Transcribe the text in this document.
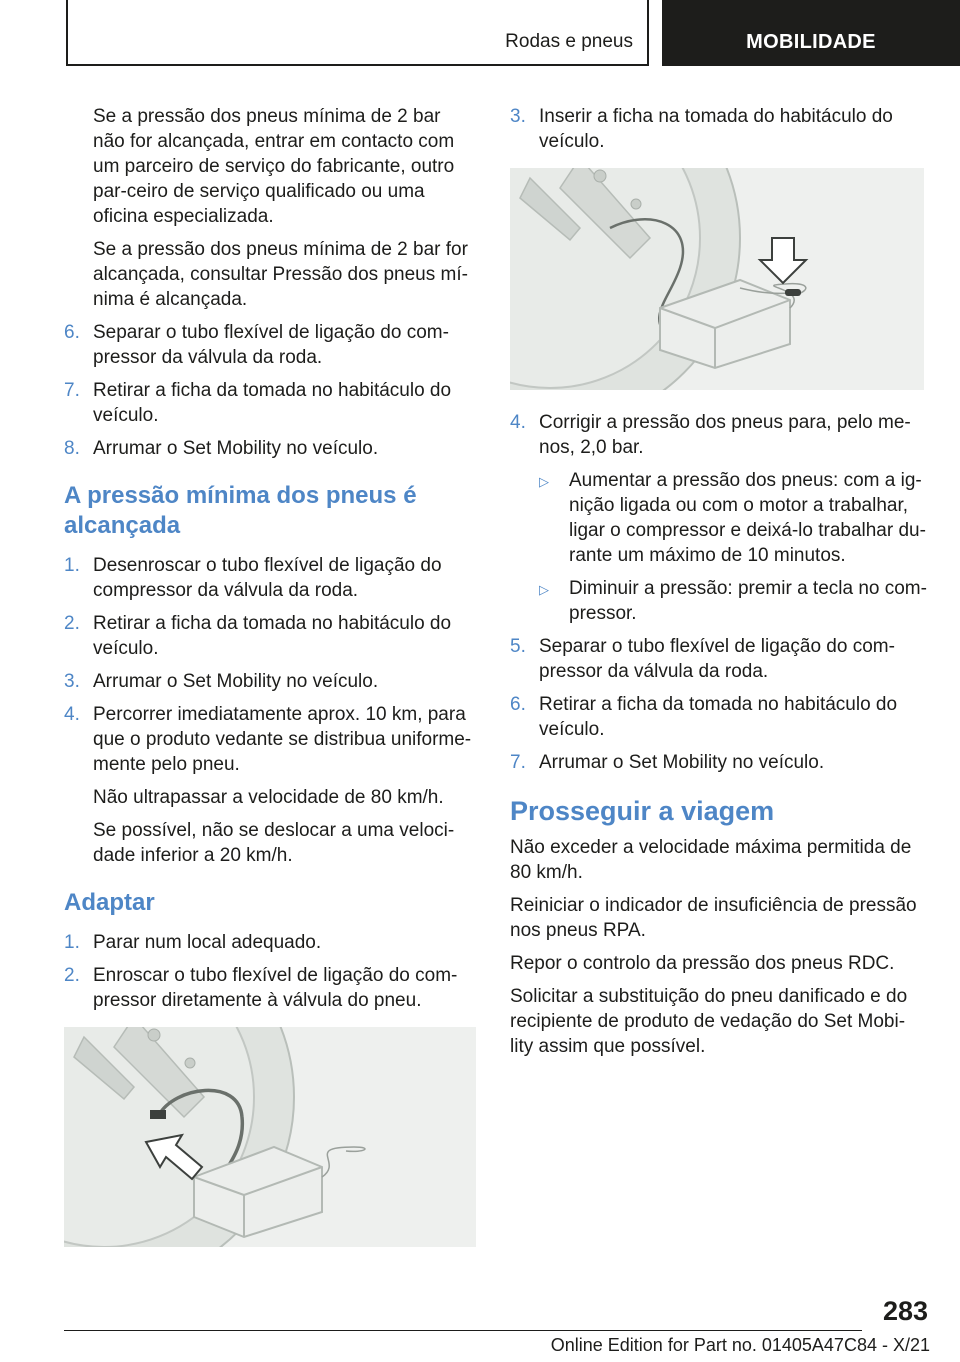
Rodas e pneus	MOBILIDADE
Se a pressão dos pneus mínima de 2 bar não for alcançada, entrar em contacto com um parceiro de serviço do fabricante, outro par-ceiro de serviço qualificado ou uma oficina especializada.
Se a pressão dos pneus mínima de 2 bar for alcançada, consultar Pressão dos pneus mí-nima é alcançada.
6. Separar o tubo flexível de ligação do com-pressor da válvula da roda.
7. Retirar a ficha da tomada no habitáculo do veículo.
8. Arrumar o Set Mobility no veículo.
A pressão mínima dos pneus é alcançada
1. Desenroscar o tubo flexível de ligação do compressor da válvula da roda.
2. Retirar a ficha da tomada no habitáculo do veículo.
3. Arrumar o Set Mobility no veículo.
4. Percorrer imediatamente aprox. 10 km, para que o produto vedante se distribua uniforme-mente pelo pneu.
Não ultrapassar a velocidade de 80 km/h.
Se possível, não se deslocar a uma veloci-dade inferior a 20 km/h.
Adaptar
1. Parar num local adequado.
2. Enroscar o tubo flexível de ligação do com-pressor diretamente à válvula do pneu.
3. Inserir a ficha na tomada do habitáculo do veículo.
4. Corrigir a pressão dos pneus para, pelo me-nos, 2,0 bar.
▷	Aumentar a pressão dos pneus: com a ig-nição ligada ou com o motor a trabalhar, ligar o compressor e deixá-lo trabalhar du-rante um máximo de 10 minutos.
▷	Diminuir a pressão: premir a tecla no com-pressor.
5. Separar o tubo flexível de ligação do com-pressor da válvula da roda.
6. Retirar a ficha da tomada no habitáculo do veículo.
7. Arrumar o Set Mobility no veículo.
Prosseguir a viagem
Não exceder a velocidade máxima permitida de 80 km/h.
Reiniciar o indicador de insuficiência de pressão nos pneus RPA.
Repor o controlo da pressão dos pneus RDC.
Solicitar a substituição do pneu danificado e do recipiente de produto de vedação do Set Mobi-lity assim que possível.
283
Online Edition for Part no. 01405A47C84 - X/21
